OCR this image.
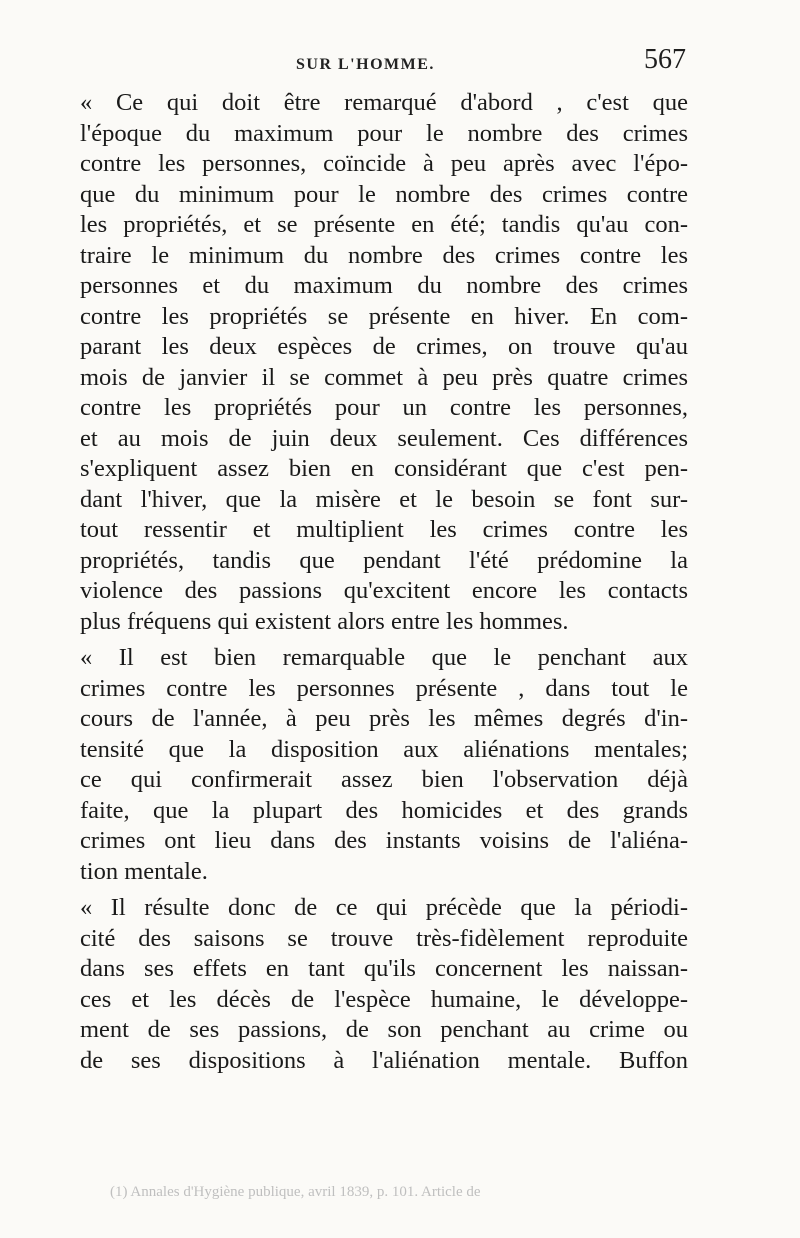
SUR L'HOMME.	567
« Ce qui doit être remarqué d'abord , c'est que
l'époque du maximum pour le nombre des crimes
contre les personnes, coïncide à peu après avec l'épo-
que du minimum pour le nombre des crimes contre
les propriétés, et se présente en été; tandis qu'au con-
traire le minimum du nombre des crimes contre les
personnes et du maximum du nombre des crimes
contre les propriétés se présente en hiver. En com-
parant les deux espèces de crimes, on trouve qu'au
mois de janvier il se commet à peu près quatre crimes
contre les propriétés pour un contre les personnes,
et au mois de juin deux seulement. Ces différences
s'expliquent assez bien en considérant que c'est pen-
dant l'hiver, que la misère et le besoin se font sur-
tout ressentir et multiplient les crimes contre les
propriétés, tandis que pendant l'été prédomine la
violence des passions qu'excitent encore les contacts
plus fréquens qui existent alors entre les hommes.
« Il est bien remarquable que le penchant aux
crimes contre les personnes présente , dans tout le
cours de l'année, à peu près les mêmes degrés d'in-
tensité que la disposition aux aliénations mentales;
ce qui confirmerait assez bien l'observation déjà
faite, que la plupart des homicides et des grands
crimes ont lieu dans des instants voisins de l'aliéna-
tion mentale.
« Il résulte donc de ce qui précède que la périodi-
cité des saisons se trouve très-fidèlement reproduite
dans ses effets en tant qu'ils concernent les naissan-
ces et les décès de l'espèce humaine, le développe-
ment de ses passions, de son penchant au crime ou
de ses dispositions à l'aliénation mentale. Buffon
(1) Annales d'Hygiène publique, avril 1839, p. 101. Article de
